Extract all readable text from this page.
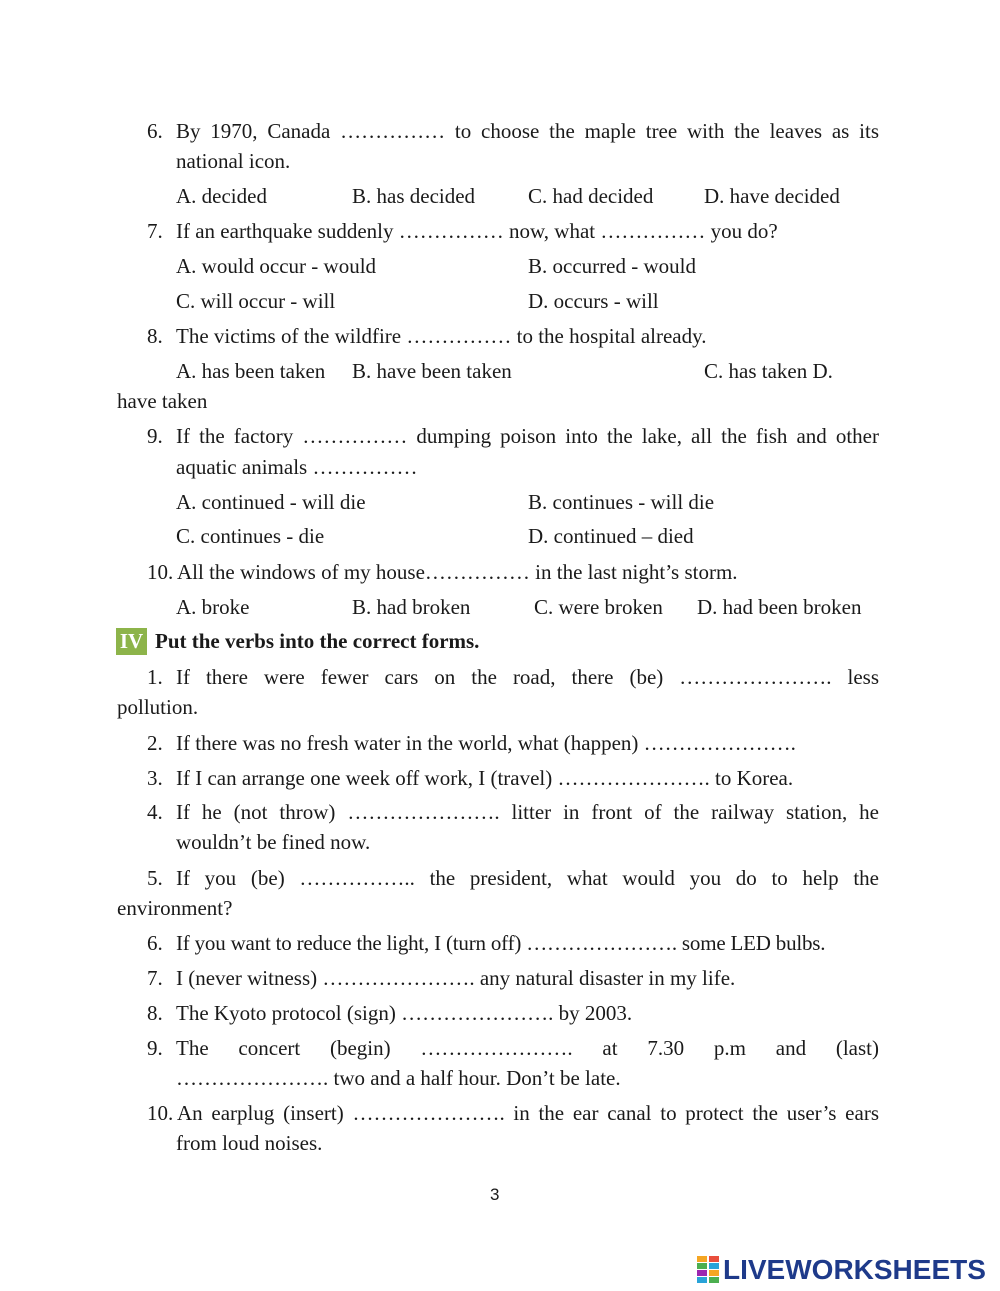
6. By 1970, Canada …………… to choose the maple tree with the leaves as its
national icon.
A. decided	B. has decided	C. had decided D. have decided
7. If an earthquake suddenly …………… now, what …………… you do?
A. would occur - would	B. occurred - would
C. will occur - will	D. occurs - will
8. The victims of the wildfire …………… to the hospital already.
A. has been taken B. have been taken	C. has taken D.
have taken
9. If the factory …………… dumping poison into the lake, all the fish and other
aquatic animals ……………
A. continued - will die	B. continues - will die
C. continues - die	D. continued – died
10. All the windows of my house…………… in the last night’s storm.
A. broke	B. had broken	C. were broken D. had been broken
IV Put the verbs into the correct forms.
1. If there were fewer cars on the road, there (be) …………………. less
pollution.
2. If there was no fresh water in the world, what (happen) ………………….
3. If I can arrange one week off work, I (travel) …………………. to Korea.
4. If he (not throw) …………………. litter in front of the railway station, he
wouldn’t be fined now.
5. If you (be) …………….. the president, what would you do to help the
environment?
6. If you want to reduce the light, I (turn off) …………………. some LED bulbs.
7. I (never witness) …………………. any natural disaster in my life.
8. The Kyoto protocol (sign) …………………. by 2003.
9. The concert (begin) …………………. at 7.30 p.m and (last)
…………………. two and a half hour. Don’t be late.
10. An earplug (insert) …………………. in the ear canal to protect the user’s ears
from loud noises.
3
LIVEWORKSHEETS
